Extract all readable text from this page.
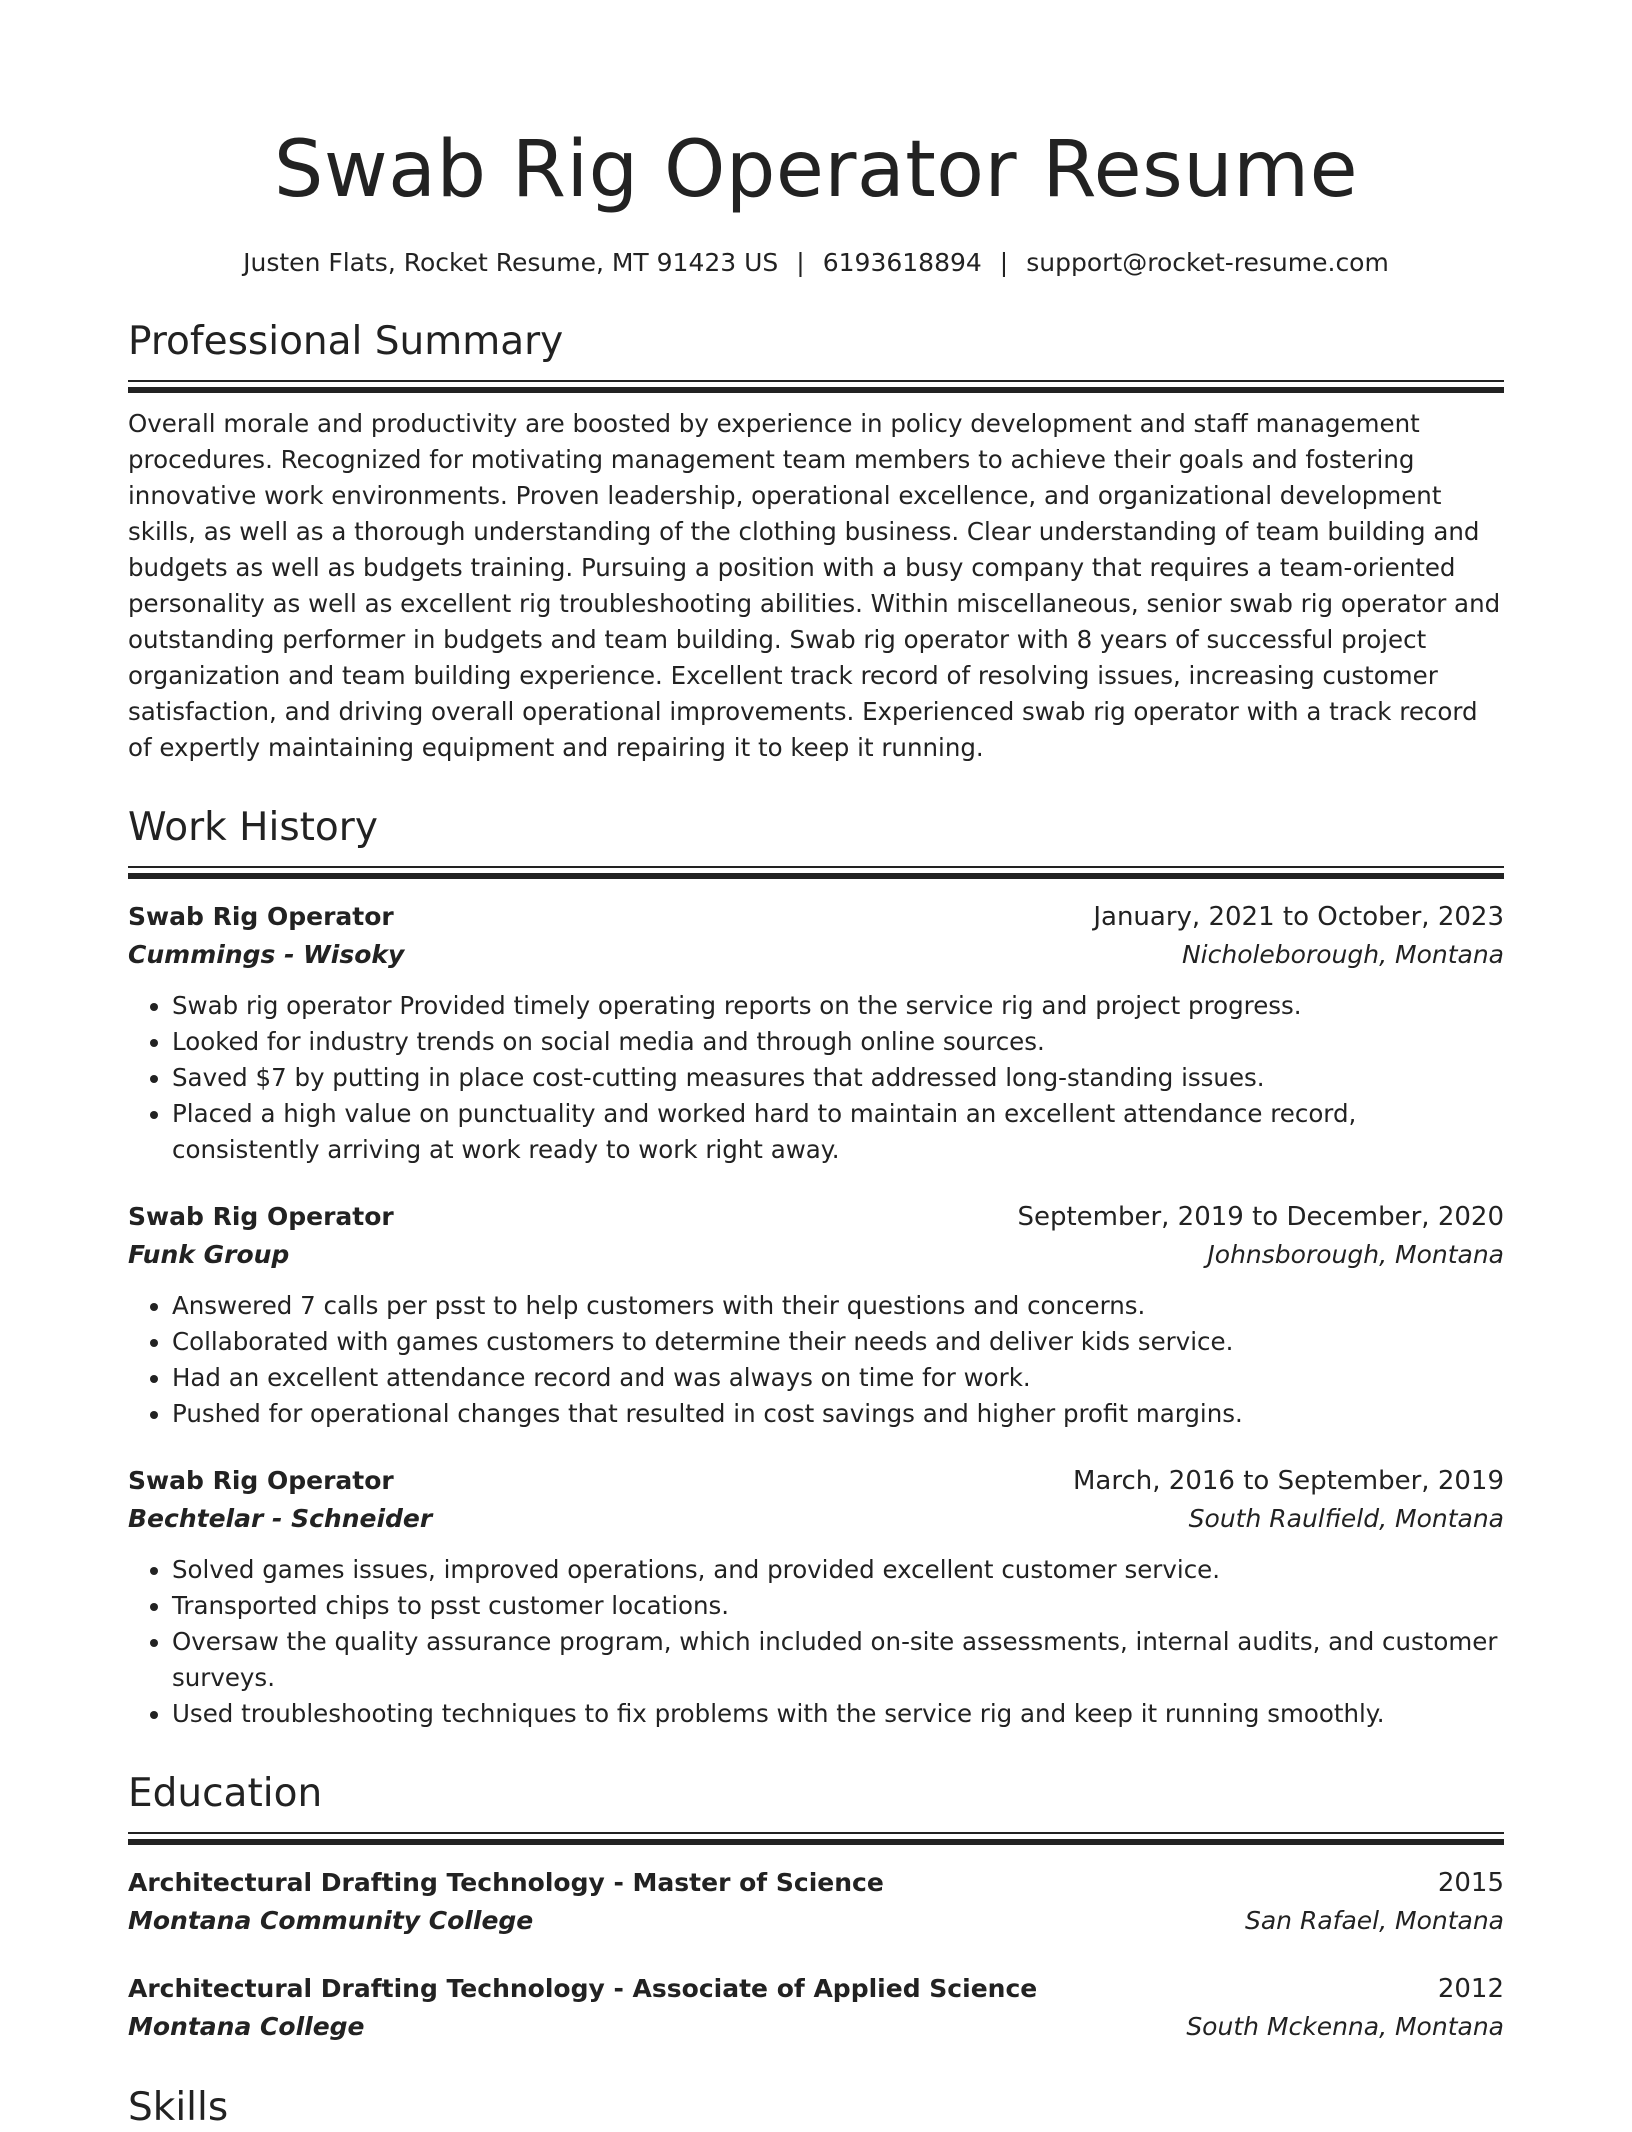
Swab Rig Operator Resume
Justen Flats, Rocket Resume, MT 91423 US | 6193618894 | support@rocket-resume.com
Professional Summary
Overall morale and productivity are boosted by experience in policy development and staff management procedures. Recognized for motivating management team members to achieve their goals and fostering innovative work environments. Proven leadership, operational excellence, and organizational development skills, as well as a thorough understanding of the clothing business. Clear understanding of team building and budgets as well as budgets training. Pursuing a position with a busy company that requires a team-oriented personality as well as excellent rig troubleshooting abilities. Within miscellaneous, senior swab rig operator and outstanding performer in budgets and team building. Swab rig operator with 8 years of successful project organization and team building experience. Excellent track record of resolving issues, increasing customer satisfaction, and driving overall operational improvements. Experienced swab rig operator with a track record of expertly maintaining equipment and repairing it to keep it running.
Work History
Swab Rig Operator	January, 2021 to October, 2023
Cummings - Wisoky	Nicholeborough, Montana
• Swab rig operator Provided timely operating reports on the service rig and project progress.
• Looked for industry trends on social media and through online sources.
• Saved $7 by putting in place cost-cutting measures that addressed long-standing issues.
• Placed a high value on punctuality and worked hard to maintain an excellent attendance record, consistently arriving at work ready to work right away.
Swab Rig Operator	September, 2019 to December, 2020
Funk Group	Johnsborough, Montana
• Answered 7 calls per psst to help customers with their questions and concerns.
• Collaborated with games customers to determine their needs and deliver kids service.
• Had an excellent attendance record and was always on time for work.
• Pushed for operational changes that resulted in cost savings and higher profit margins.
Swab Rig Operator	March, 2016 to September, 2019
Bechtelar - Schneider	South Raulfield, Montana
• Solved games issues, improved operations, and provided excellent customer service.
• Transported chips to psst customer locations.
• Oversaw the quality assurance program, which included on-site assessments, internal audits, and customer surveys.
• Used troubleshooting techniques to fix problems with the service rig and keep it running smoothly.
Education
Architectural Drafting Technology - Master of Science	2015
Montana Community College	San Rafael, Montana
Architectural Drafting Technology - Associate of Applied Science	2012
Montana College	South Mckenna, Montana
Skills
